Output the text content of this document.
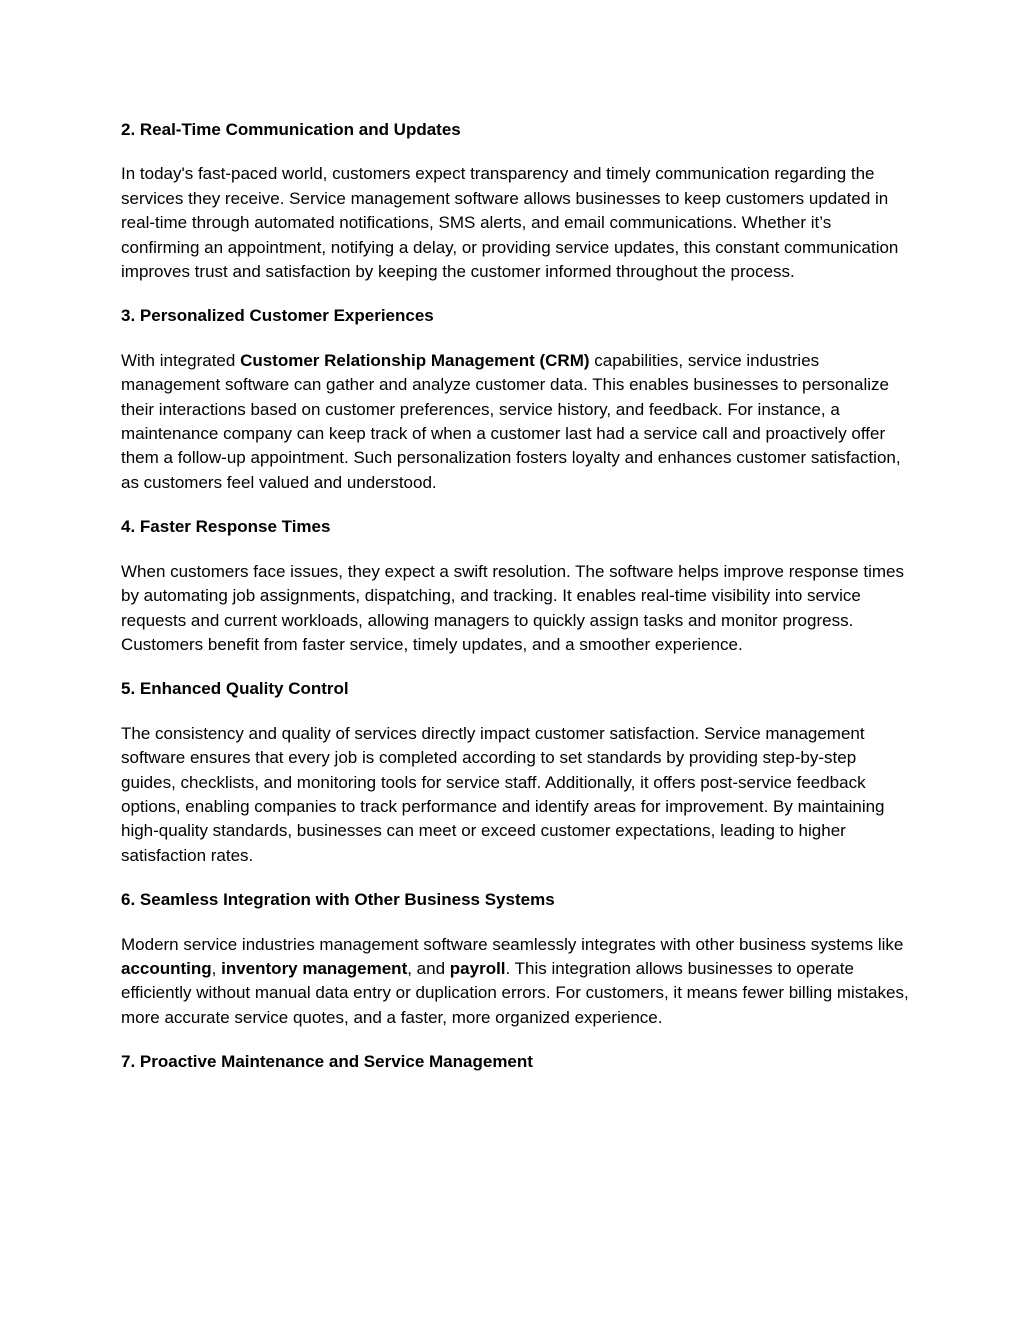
2. Real-Time Communication and Updates

In today's fast-paced world, customers expect transparency and timely communication regarding the services they receive. Service management software allows businesses to keep customers updated in real-time through automated notifications, SMS alerts, and email communications. Whether it’s confirming an appointment, notifying a delay, or providing service updates, this constant communication improves trust and satisfaction by keeping the customer informed throughout the process.

3. Personalized Customer Experiences

With integrated Customer Relationship Management (CRM) capabilities, service industries management software can gather and analyze customer data. This enables businesses to personalize their interactions based on customer preferences, service history, and feedback. For instance, a maintenance company can keep track of when a customer last had a service call and proactively offer them a follow-up appointment. Such personalization fosters loyalty and enhances customer satisfaction, as customers feel valued and understood.

4. Faster Response Times

When customers face issues, they expect a swift resolution. The software helps improve response times by automating job assignments, dispatching, and tracking. It enables real-time visibility into service requests and current workloads, allowing managers to quickly assign tasks and monitor progress. Customers benefit from faster service, timely updates, and a smoother experience.

5. Enhanced Quality Control

The consistency and quality of services directly impact customer satisfaction. Service management software ensures that every job is completed according to set standards by providing step-by-step guides, checklists, and monitoring tools for service staff. Additionally, it offers post-service feedback options, enabling companies to track performance and identify areas for improvement. By maintaining high-quality standards, businesses can meet or exceed customer expectations, leading to higher satisfaction rates.

6. Seamless Integration with Other Business Systems

Modern service industries management software seamlessly integrates with other business systems like accounting, inventory management, and payroll. This integration allows businesses to operate efficiently without manual data entry or duplication errors. For customers, it means fewer billing mistakes, more accurate service quotes, and a faster, more organized experience.

7. Proactive Maintenance and Service Management
